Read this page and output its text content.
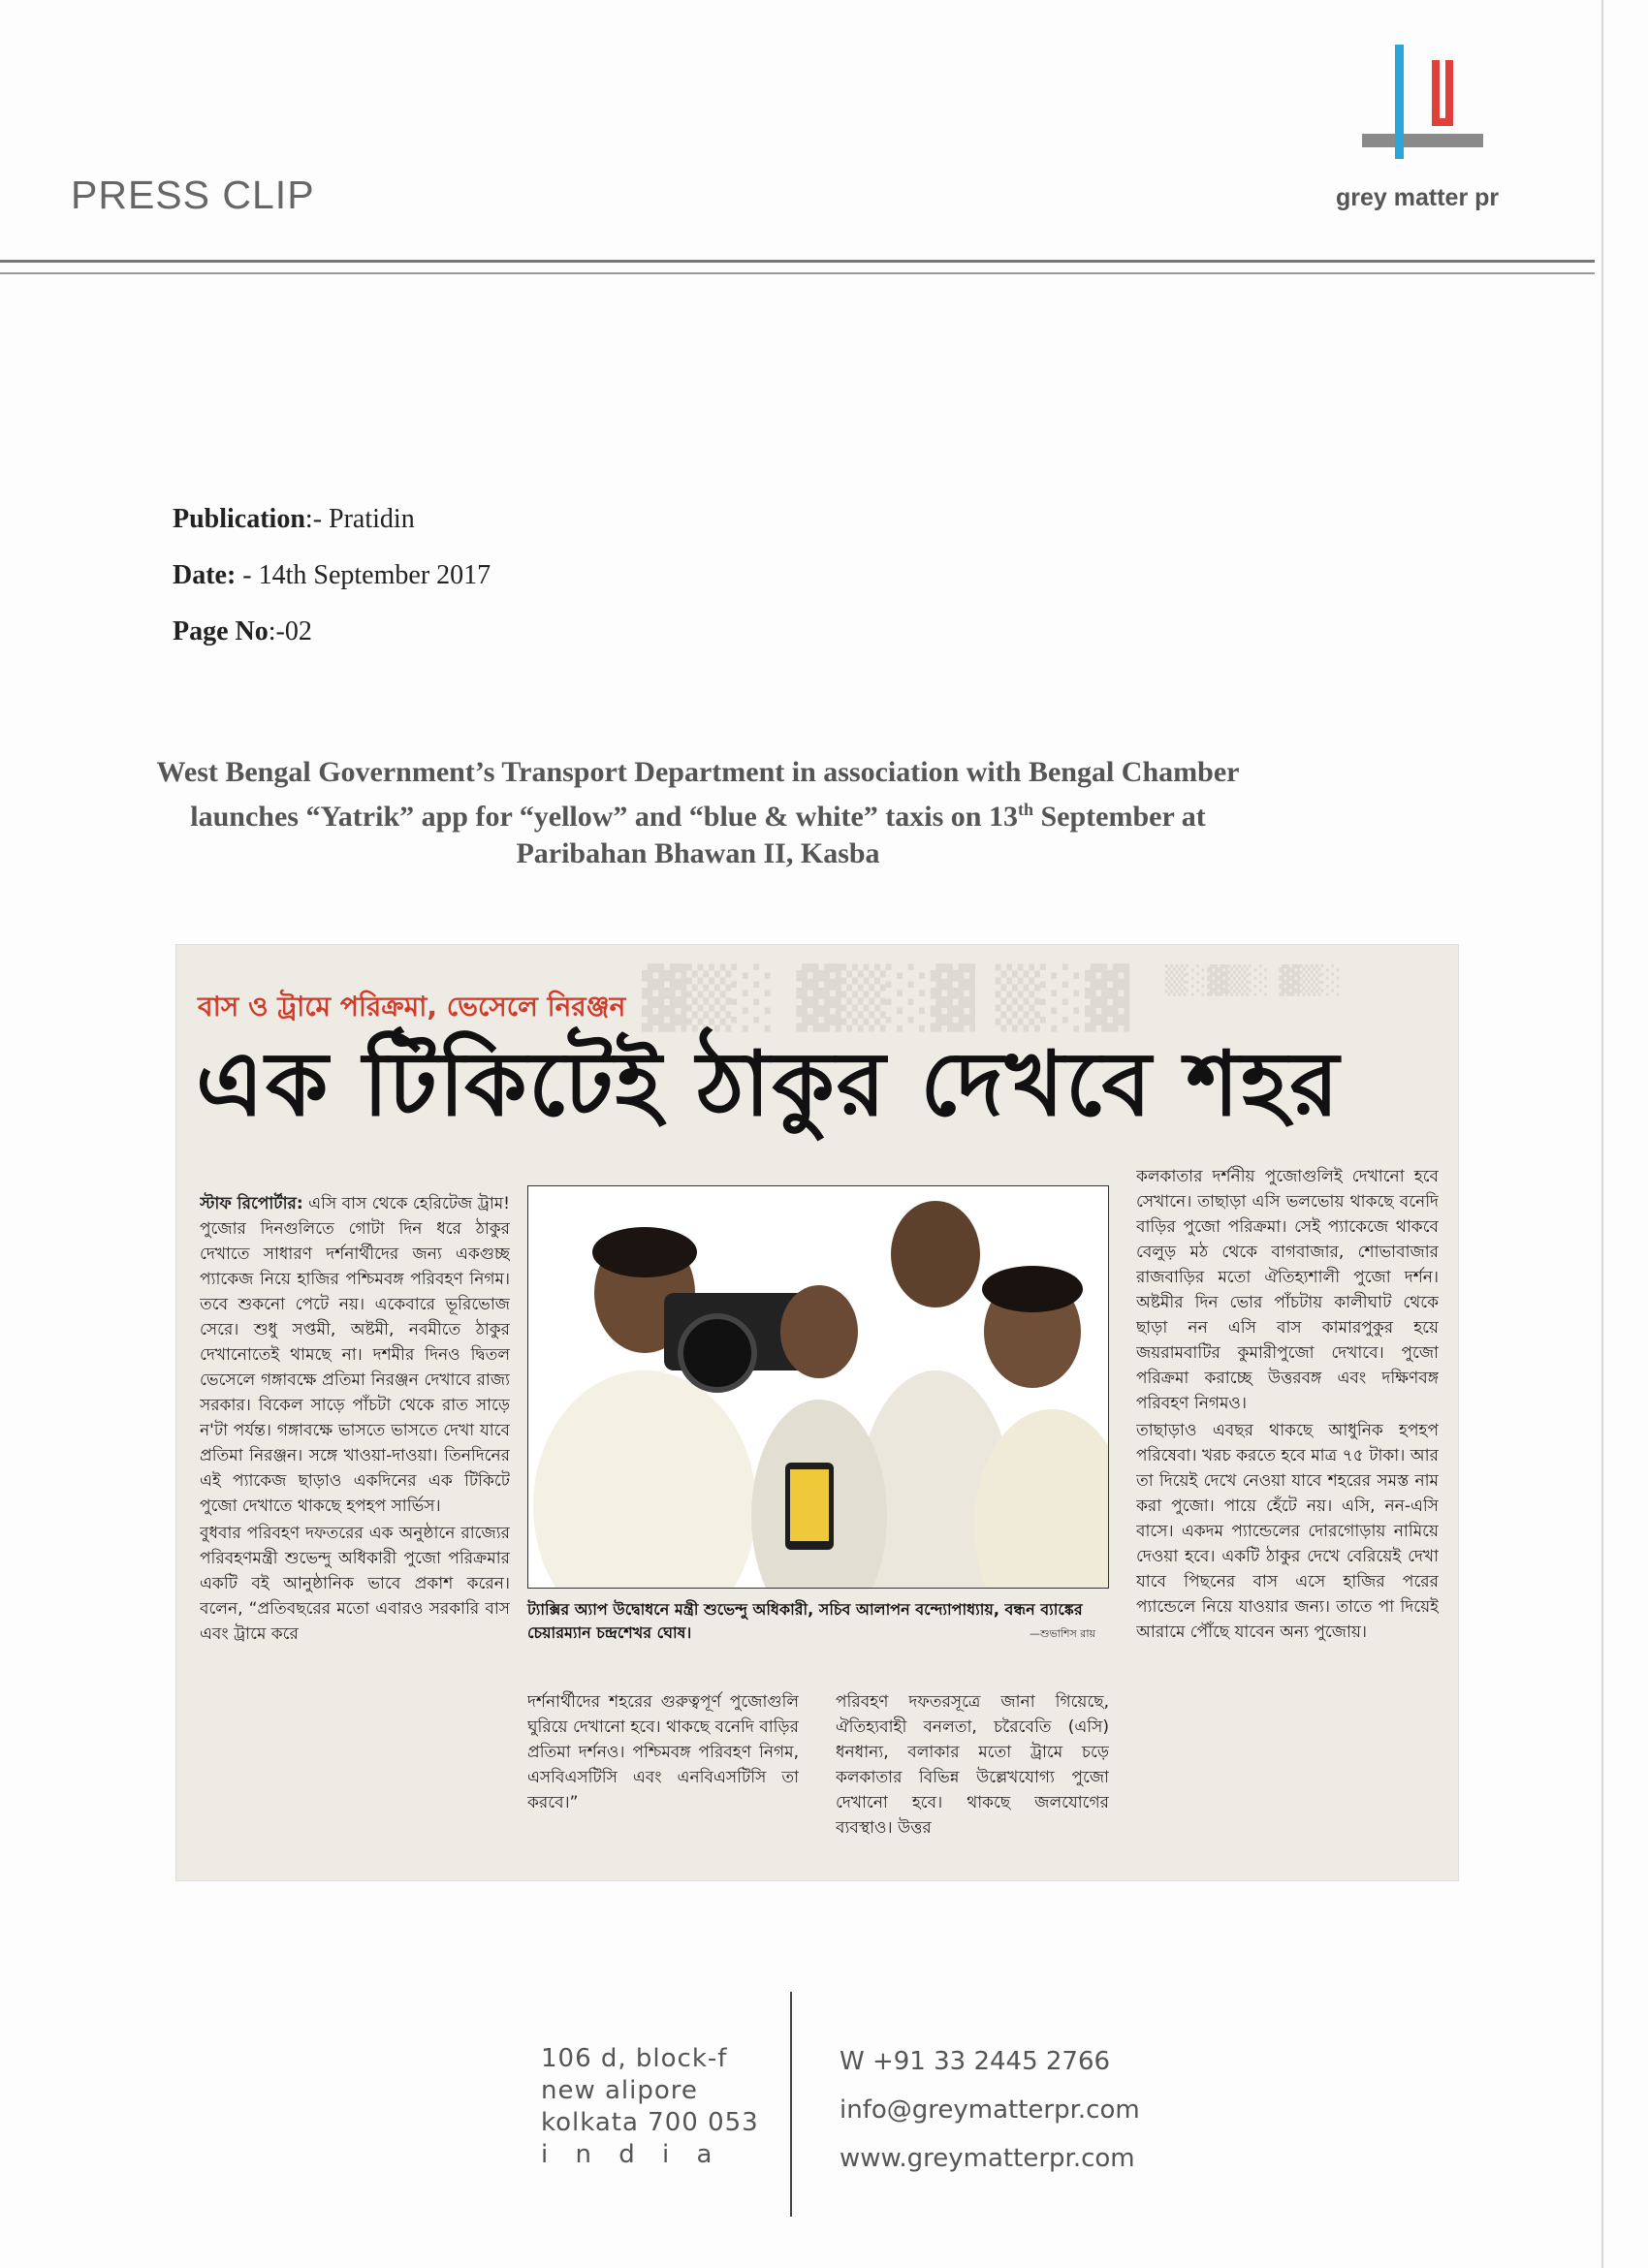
PRESS CLIP	grey matter pr
Publication:- Pratidin
Date: - 14th September 2017
Page No:-02
West Bengal Government’s Transport Department in association with Bengal Chamber
launches “Yatrik” app for “yellow” and “blue & white” taxis on 13th September at
Paribahan Bhawan II, Kasba
▓▒░ ▓▒░▓ ▒░▓ ▒░▓▒░ ▓▒░
বাস ও ট্রামে পরিক্রমা, ভেসেলে নিরঞ্জন
এক টিকিটেই ঠাকুর দেখবে শহর

স্টাফ রিপোর্টার: এসি বাস থেকে হেরিটেজ ট্রাম! পুজোর দিনগুলিতে গোটা দিন ধরে ঠাকুর দেখাতে সাধারণ দর্শনার্থীদের জন্য একগুচ্ছ প্যাকেজ নিয়ে হাজির পশ্চিমবঙ্গ পরিবহণ নিগম। তবে শুকনো পেটে নয়। একেবারে ভূরিভোজ সেরে। শুধু সপ্তমী, অষ্টমী, নবমীতে ঠাকুর দেখানোতেই থামছে না। দশমীর দিনও দ্বিতল ভেসেলে গঙ্গাবক্ষে প্রতিমা নিরঞ্জন দেখাবে রাজ্য সরকার। বিকেল সাড়ে পাঁচটা থেকে রাত সাড়ে ন'টা পর্যন্ত। গঙ্গাবক্ষে ভাসতে ভাসতে দেখা যাবে প্রতিমা নিরঞ্জন। সঙ্গে খাওয়া-দাওয়া। তিনদিনের এই প্যাকেজ ছাড়াও একদিনের এক টিকিটে পুজো দেখাতে থাকছে হপহপ সার্ভিস।

বুধবার পরিবহণ দফতরের এক অনুষ্ঠানে রাজ্যের পরিবহণমন্ত্রী শুভেন্দু অধিকারী পুজো পরিক্রমার একটি বই আনুষ্ঠানিক ভাবে প্রকাশ করেন। বলেন, “প্রতিবছরের মতো এবারও সরকারি বাস এবং ট্রামে করে

ট্যাক্সির অ্যাপ উদ্বোধনে মন্ত্রী শুভেন্দু অধিকারী, সচিব আলাপন বন্দ্যোপাধ্যায়, বন্ধন ব্যাঙ্কের চেয়ারম্যান চন্দ্রশেখর ঘোষ।	—শুভাশিস রায়

দর্শনার্থীদের শহরের গুরুত্বপূর্ণ পুজোগুলি ঘুরিয়ে দেখানো হবে। থাকছে বনেদি বাড়ির প্রতিমা দর্শনও। পশ্চিমবঙ্গ পরিবহণ নিগম, এসবিএসটিসি এবং এনবিএসটিসি তা করবে।”

পরিবহণ দফতরসূত্রে জানা গিয়েছে, ঐতিহ্যবাহী বনলতা, চরৈবেতি (এসি) ধনধান্য, বলাকার মতো ট্রামে চড়ে কলকাতার বিভিন্ন উল্লেখযোগ্য পুজো দেখানো হবে। থাকছে জলযোগের ব্যবস্থাও। উত্তর

কলকাতার দর্শনীয় পুজোগুলিই দেখানো হবে সেখানে। তাছাড়া এসি ভলভোয় থাকছে বনেদি বাড়ির পুজো পরিক্রমা। সেই প্যাকেজে থাকবে বেলুড় মঠ থেকে বাগবাজার, শোভাবাজার রাজবাড়ির মতো ঐতিহ্যশালী পুজো দর্শন। অষ্টমীর দিন ভোর পাঁচটায় কালীঘাট থেকে ছাড়া নন এসি বাস কামারপুকুর হয়ে জয়রামবাটির কুমারীপুজো দেখাবে। পুজো পরিক্রমা করাচ্ছে উত্তরবঙ্গ এবং দক্ষিণবঙ্গ পরিবহণ নিগমও।

তাছাড়াও এবছর থাকছে আধুনিক হপহপ পরিষেবা। খরচ করতে হবে মাত্র ৭৫ টাকা। আর তা দিয়েই দেখে নেওয়া যাবে শহরের সমস্ত নাম করা পুজো। পায়ে হেঁটে নয়। এসি, নন-এসি বাসে। একদম প্যান্ডেলের দোরগোড়ায় নামিয়ে দেওয়া হবে। একটি ঠাকুর দেখে বেরিয়েই দেখা যাবে পিছনের বাস এসে হাজির পরের প্যান্ডেলে নিয়ে যাওয়ার জন্য। তাতে পা দিয়েই আরামে পৌঁছে যাবেন অন্য পুজোয়।

106 d, block-f
new alipore
kolkata 700 053
i n d i a
W +91 33 2445 2766
info@greymatterpr.com
www.greymatterpr.com
